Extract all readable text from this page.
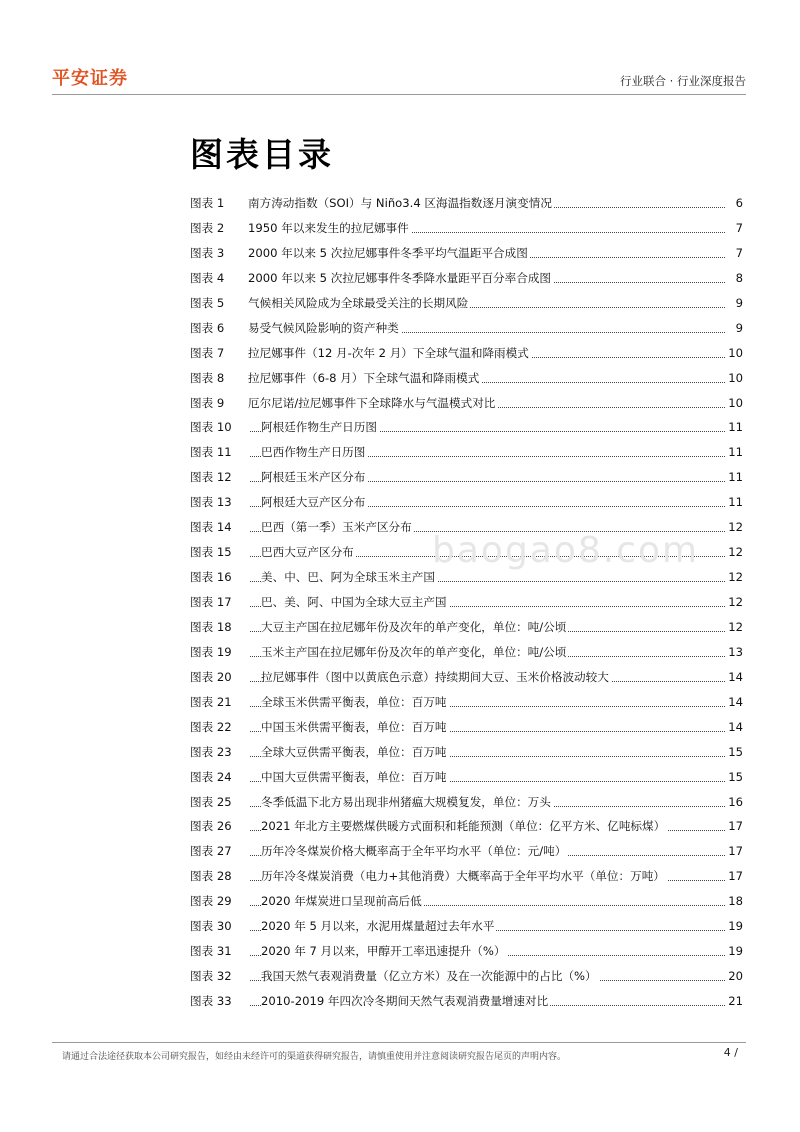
平安证券	行业联合 · 行业深度报告
图表目录
图表 1 南方涛动指数（SOI）与 Niño3.4 区海温指数逐月演变情况	6
图表 2 1950 年以来发生的拉尼娜事件	7
图表 3 2000 年以来 5 次拉尼娜事件冬季平均气温距平合成图	7
图表 4 2000 年以来 5 次拉尼娜事件冬季降水量距平百分率合成图	8
图表 5 气候相关风险成为全球最受关注的长期风险	9
图表 6 易受气候风险影响的资产种类	9
图表 7 拉尼娜事件（12 月-次年 2 月）下全球气温和降雨模式	10
图表 8 拉尼娜事件（6-8 月）下全球气温和降雨模式	10
图表 9 厄尔尼诺/拉尼娜事件下全球降水与气温模式对比	10
图表 10	阿根廷作物生产日历图	11
图表 11	巴西作物生产日历图	11
图表 12	阿根廷玉米产区分布	11
图表 13	阿根廷大豆产区分布	11
图表 14	巴西（第一季）玉米产区分布	12
图表 15	巴西大豆产区分布	12
图表 16	美、中、巴、阿为全球玉米主产国	12
图表 17	巴、美、阿、中国为全球大豆主产国	12
图表 18	大豆主产国在拉尼娜年份及次年的单产变化，单位：吨/公顷	12
图表 19	玉米主产国在拉尼娜年份及次年的单产变化，单位：吨/公顷	13
图表 20	拉尼娜事件（图中以黄底色示意）持续期间大豆、玉米价格波动较大	14
图表 21	全球玉米供需平衡表，单位：百万吨	14
图表 22	中国玉米供需平衡表，单位：百万吨	14
图表 23	全球大豆供需平衡表，单位：百万吨	15
图表 24	中国大豆供需平衡表，单位：百万吨	15
图表 25	冬季低温下北方易出现非州猪瘟大规模复发，单位：万头	16
图表 26	2021 年北方主要燃煤供暖方式面积和耗能预测（单位：亿平方米、亿吨标煤）	17
图表 27	历年冷冬煤炭价格大概率高于全年平均水平（单位：元/吨）	17
图表 28	历年冷冬煤炭消费（电力+其他消费）大概率高于全年平均水平（单位：万吨）	17
图表 29	2020 年煤炭进口呈现前高后低	18
图表 30	2020 年 5 月以来，水泥用煤量超过去年水平	19
图表 31	2020 年 7 月以来，甲醇开工率迅速提升（%）	19
图表 32	我国天然气表观消费量（亿立方米）及在一次能源中的占比（%）	20
图表 33	2010-2019 年四次冷冬期间天然气表观消费量增速对比	21
baogao8.com
请通过合法途径获取本公司研究报告，如经由未经许可的渠道获得研究报告，请慎重使用并注意阅读研究报告尾页的声明内容。	4 /
